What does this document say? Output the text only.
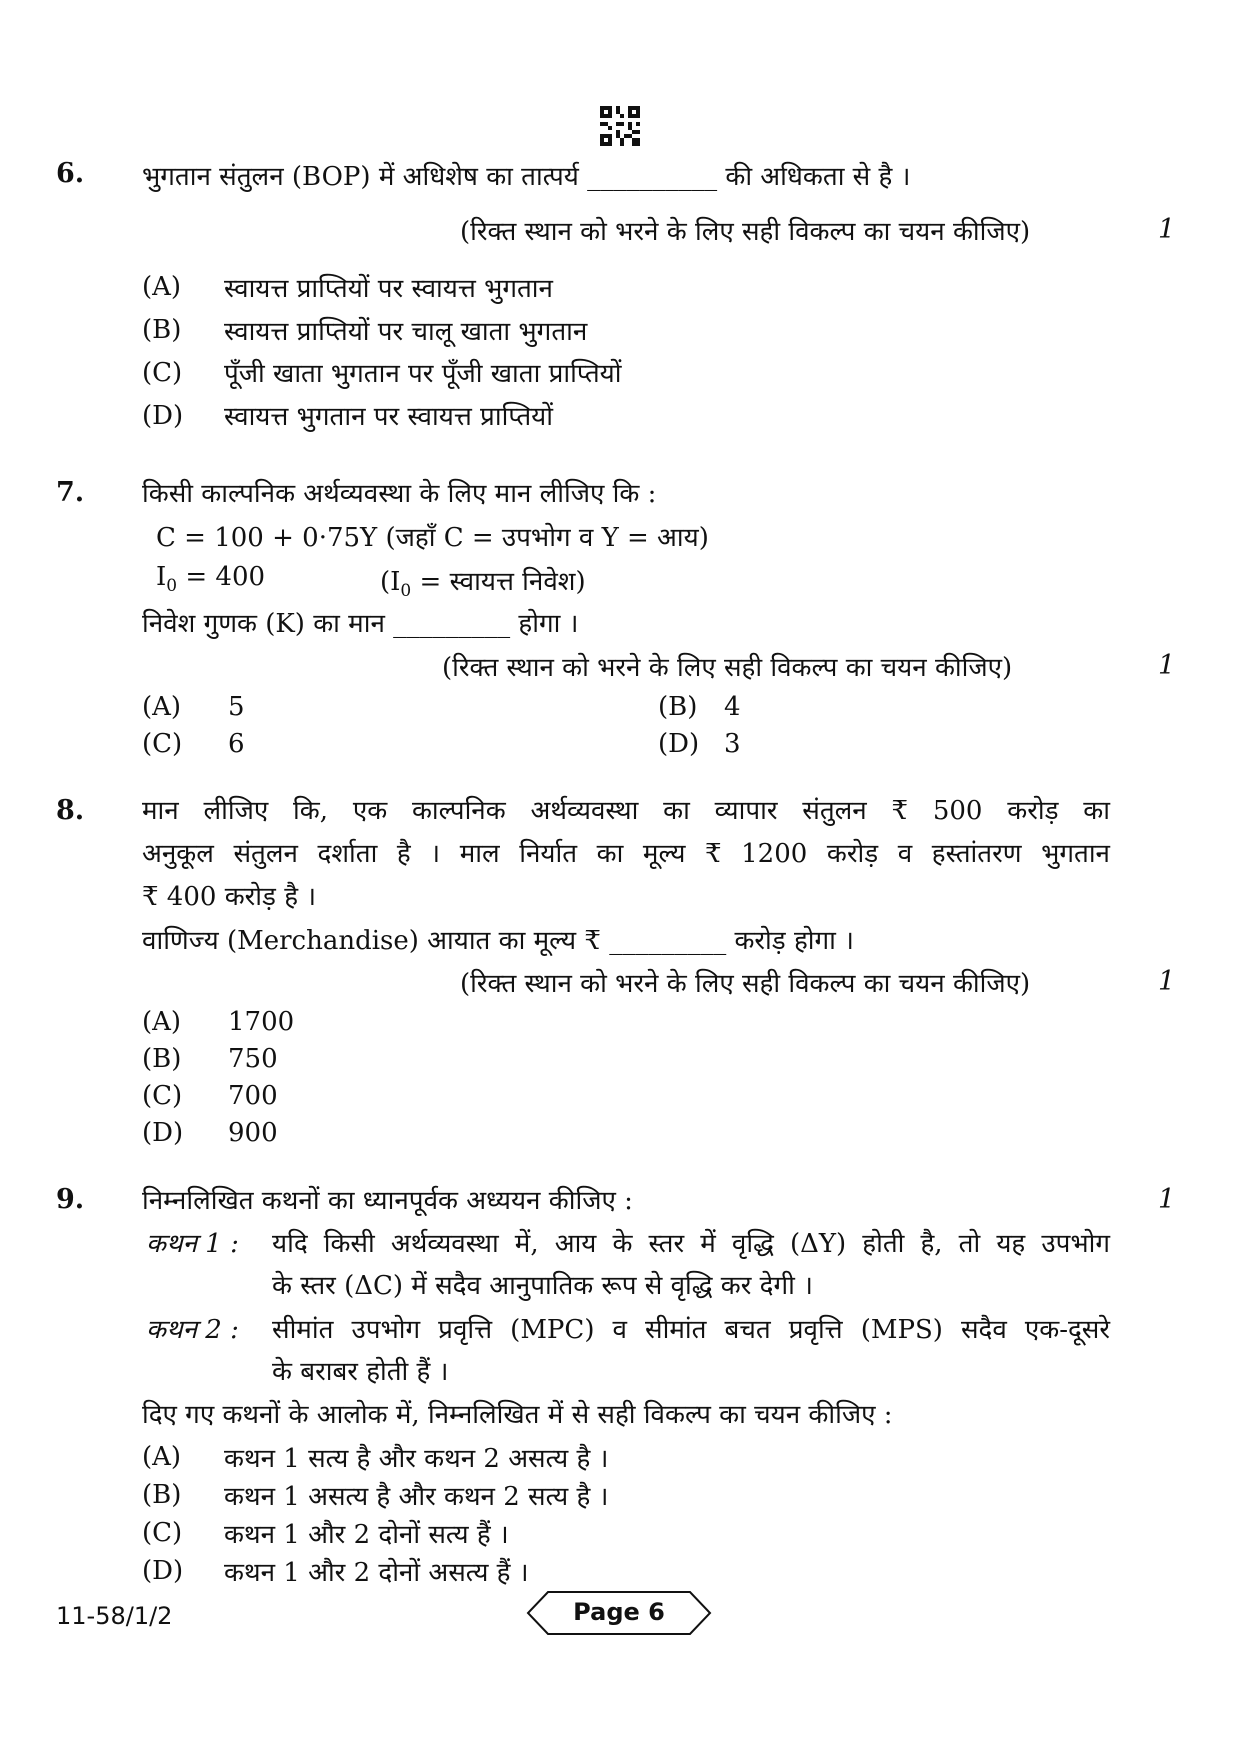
6. भुगतान संतुलन (BOP) में अधिशेष का तात्पर्य __________ की अधिकता से है ।
(रिक्त स्थान को भरने के लिए सही विकल्प का चयन कीजिए)	1
(A) स्वायत्त प्राप्तियों पर स्वायत्त भुगतान
(B) स्वायत्त प्राप्तियों पर चालू खाता भुगतान
(C) पूँजी खाता भुगतान पर पूँजी खाता प्राप्तियों
(D) स्वायत्त भुगतान पर स्वायत्त प्राप्तियों
7. किसी काल्पनिक अर्थव्यवस्था के लिए मान लीजिए कि :
C = 100 + 0·75Y (जहाँ C = उपभोग व Y = आय)
$I_0 = 400$	($I_0$ = स्वायत्त निवेश)
निवेश गुणक (K) का मान _________ होगा ।
(रिक्त स्थान को भरने के लिए सही विकल्प का चयन कीजिए)	1
(A) 5	(B) 4
(C) 6	(D) 3
8. मान लीजिए कि, एक काल्पनिक अर्थव्यवस्था का व्यापार संतुलन ₹ 500 करोड़ का
अनुकूल संतुलन दर्शाता है । माल निर्यात का मूल्य ₹ 1200 करोड़ व हस्तांतरण भुगतान
₹ 400 करोड़ है ।
वाणिज्य (Merchandise) आयात का मूल्य ₹ _________ करोड़ होगा ।
(रिक्त स्थान को भरने के लिए सही विकल्प का चयन कीजिए)	1
(A) 1700
(B) 750
(C) 700
(D) 900
9. निम्नलिखित कथनों का ध्यानपूर्वक अध्ययन कीजिए :	1
कथन 1 : यदि किसी अर्थव्यवस्था में, आय के स्तर में वृद्धि (ΔY) होती है, तो यह उपभोग
के स्तर (ΔC) में सदैव आनुपातिक रूप से वृद्धि कर देगी ।
कथन 2 : सीमांत उपभोग प्रवृत्ति (MPC) व सीमांत बचत प्रवृत्ति (MPS) सदैव एक-दूसरे
के बराबर होती हैं ।
दिए गए कथनों के आलोक में, निम्नलिखित में से सही विकल्प का चयन कीजिए :
(A) कथन 1 सत्य है और कथन 2 असत्य है ।
(B) कथन 1 असत्य है और कथन 2 सत्य है ।
(C) कथन 1 और 2 दोनों सत्य हैं ।
(D) कथन 1 और 2 दोनों असत्य हैं ।
11-58/1/2	Page 6
